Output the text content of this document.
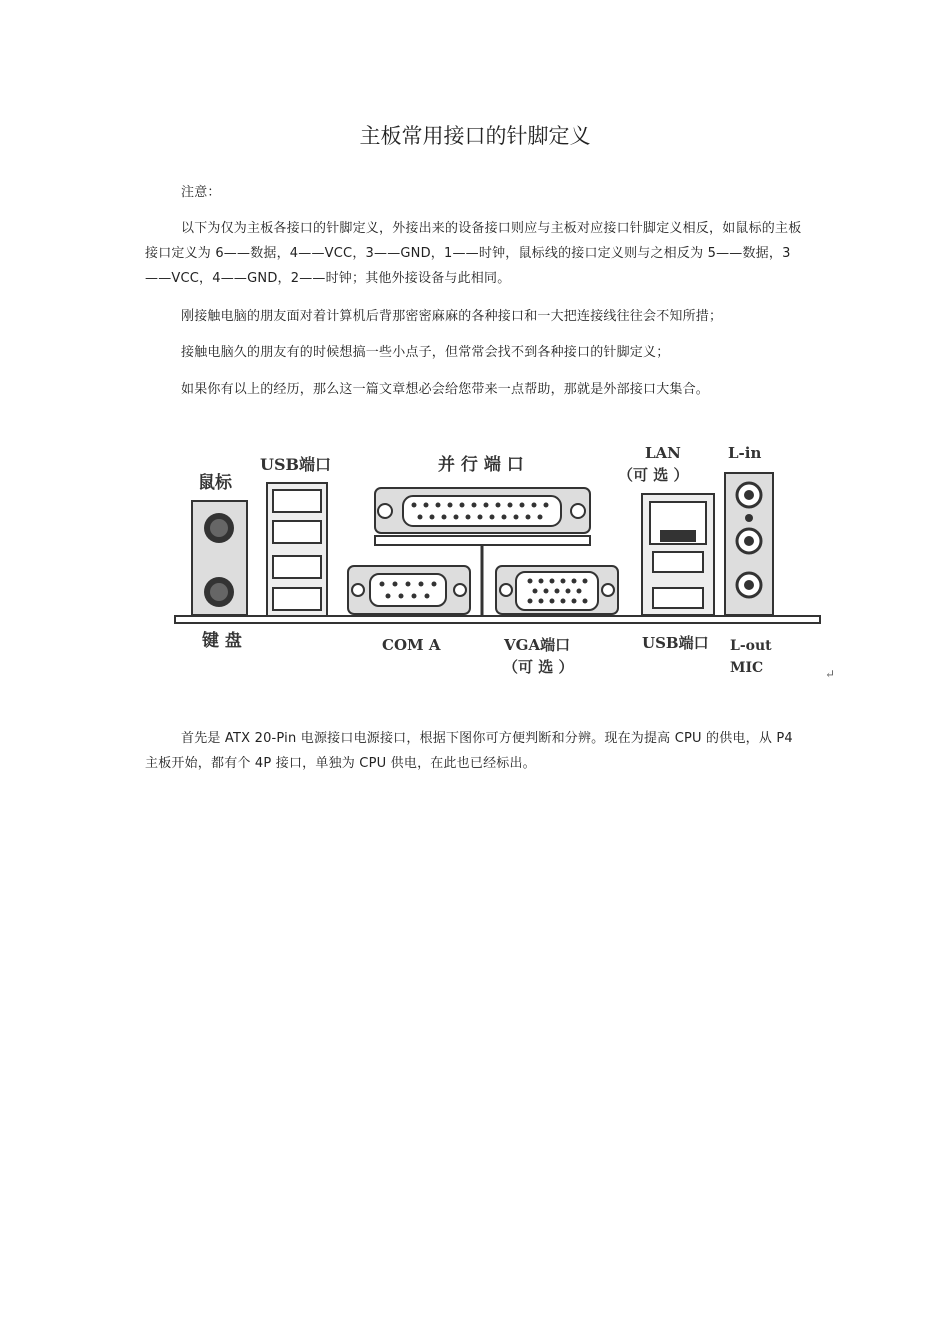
主板常用接口的针脚定义

注意：

以下为仅为主板各接口的针脚定义，外接出来的设备接口则应与主板对应接口针脚定义相反，如鼠标的主板接口定义为 6——数据，4——VCC，3——GND，1——时钟，鼠标线的接口定义则与之相反为 5——数据，3——VCC，4——GND，2——时钟；其他外接设备与此相同。

刚接触电脑的朋友面对着计算机后背那密密麻麻的各种接口和一大把连接线往往会不知所措；

接触电脑久的朋友有的时候想搞一些小点子，但常常会找不到各种接口的针脚定义；

如果你有以上的经历，那么这一篇文章想必会给您带来一点帮助，那就是外部接口大集合。

鼠标
键 盘
USB端口	并 行 端 口
LAN
（可 选 ）
L-in
COM A	VGA端口
（可 选 ）
USB端口 L-out
MIC	↵

首先是 ATX 20-Pin 电源接口电源接口，根据下图你可方便判断和分辨。现在为提高 CPU 的供电，从 P4 主板开始，都有个 4P 接口，单独为 CPU 供电，在此也已经标出。
